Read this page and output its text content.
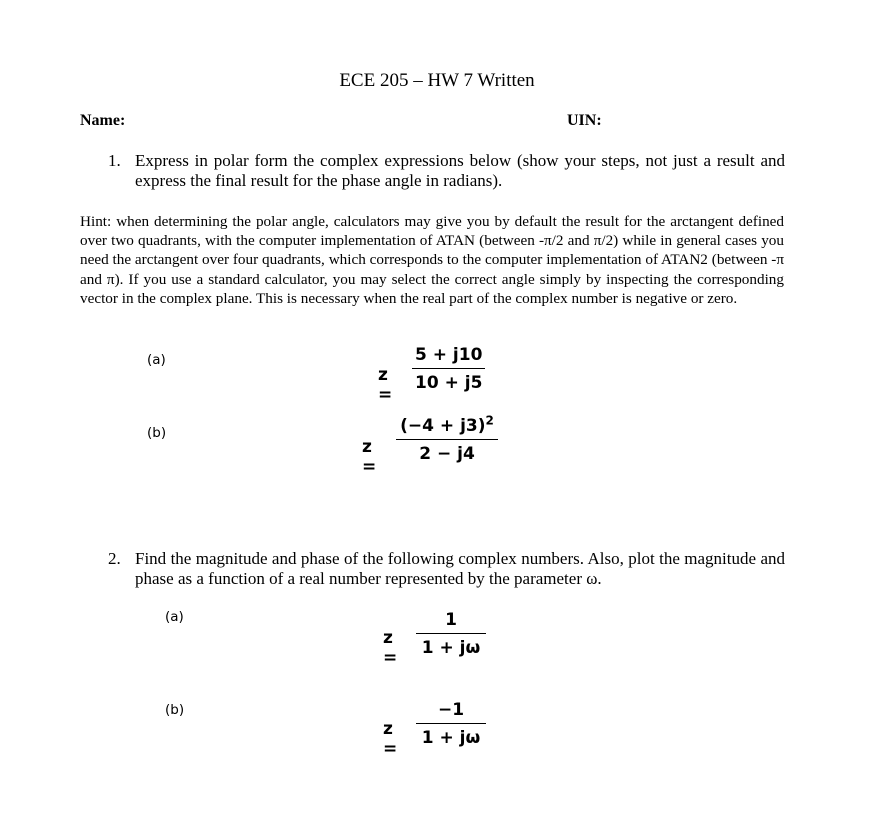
ECE 205 – HW 7 Written
Name:	UIN:
1. Express in polar form the complex expressions below (show your steps, not just a result and express the final result for the phase angle in radians).
Hint: when determining the polar angle, calculators may give you by default the result for the arctangent defined over two quadrants, with the computer implementation of ATAN (between -π/2 and π/2) while in general cases you need the arctangent over four quadrants, which corresponds to the computer implementation of ATAN2 (between -π and π). If you use a standard calculator, you may select the correct angle simply by inspecting the corresponding vector in the complex plane. This is necessary when the real part of the complex number is negative or zero.
(a)
z =
$\frac{5 + j10}{10 + j5}$
(b)
z =
$\frac{(-4 + j3)^2}{2 - j4}$
2. Find the magnitude and phase of the following complex numbers. Also, plot the magnitude and phase as a function of a real number represented by the parameter ω.
(a)
$z = \frac{1}{1 + j\omega}$
(b)
z =
$\frac{-1}{1 + j\omega}$
